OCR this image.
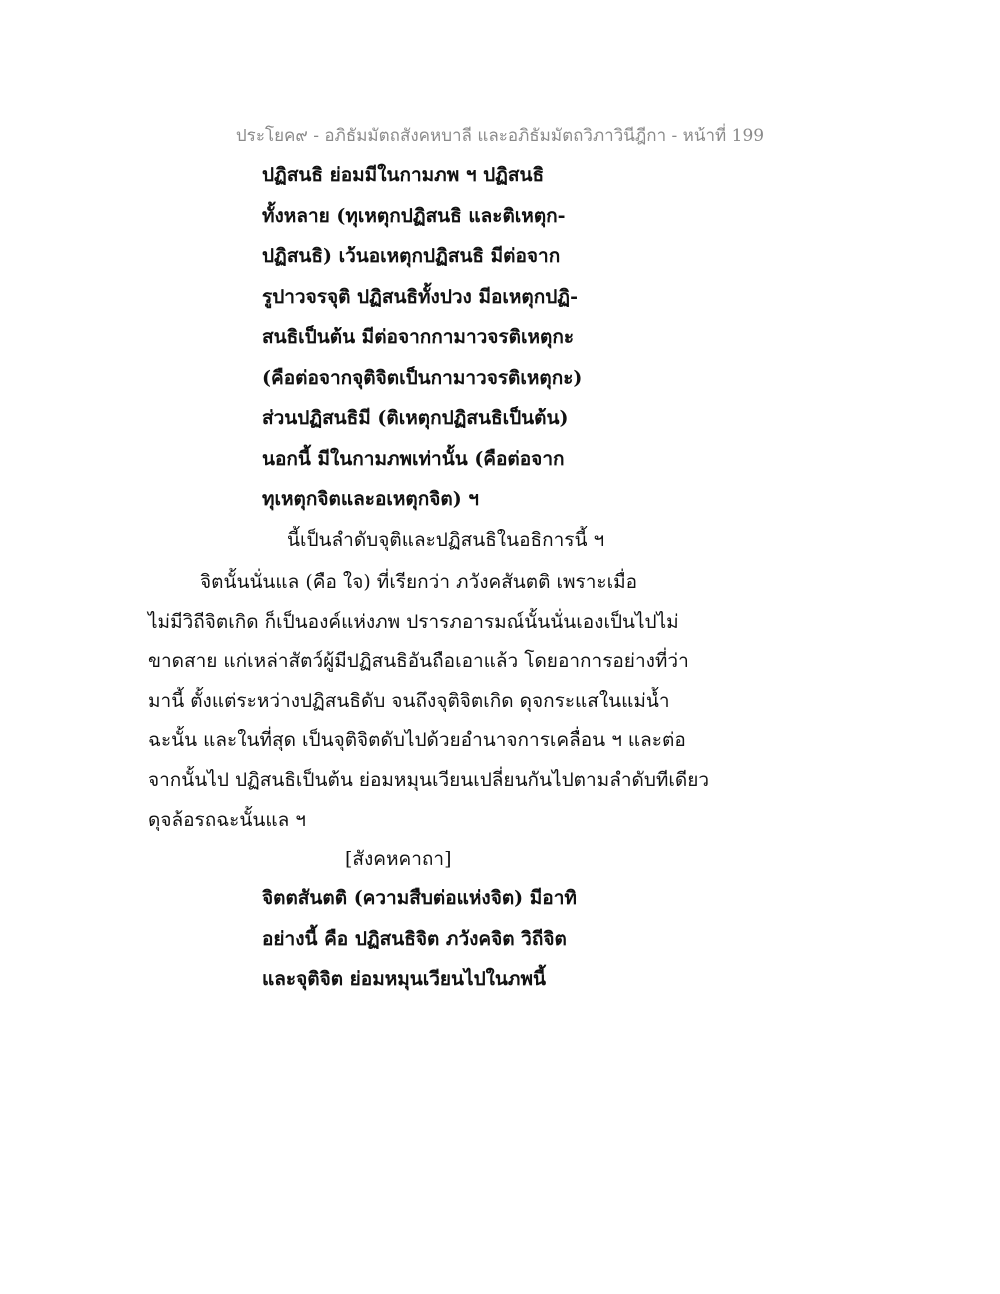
ประโยค๙ - อภิธัมมัตถสังคหบาลี และอภิธัมมัตถวิภาวินีฎีกา - หน้าที่ 199
ปฏิสนธิ ย่อมมีในกามภพ ฯ ปฏิสนธิ
ทั้งหลาย (ทุเหตุกปฏิสนธิ และติเหตุก-
ปฏิสนธิ) เว้นอเหตุกปฏิสนธิ มีต่อจาก
รูปาวจรจุติ ปฏิสนธิทั้งปวง มีอเหตุกปฏิ-
สนธิเป็นต้น มีต่อจากกามาวจรติเหตุกะ
(คือต่อจากจุติจิตเป็นกามาวจรติเหตุกะ)
ส่วนปฏิสนธิมี (ติเหตุกปฏิสนธิเป็นต้น)
นอกนี้ มีในกามภพเท่านั้น (คือต่อจาก
ทุเหตุกจิตและอเหตุกจิต) ฯ
นี้เป็นลำดับจุติและปฏิสนธิในอธิการนี้ ฯ
จิตนั้นนั่นแล (คือ ใจ) ที่เรียกว่า ภวังคสันตติ เพราะเมื่อ
ไม่มีวิถีจิตเกิด ก็เป็นองค์แห่งภพ ปรารภอารมณ์นั้นนั่นเองเป็นไปไม่
ขาดสาย แก่เหล่าสัตว์ผู้มีปฏิสนธิอันถือเอาแล้ว โดยอาการอย่างที่ว่า
มานี้ ตั้งแต่ระหว่างปฏิสนธิดับ จนถึงจุติจิตเกิด ดุจกระแสในแม่น้ำ
ฉะนั้น และในที่สุด เป็นจุติจิตดับไปด้วยอำนาจการเคลื่อน ฯ และต่อ
จากนั้นไป ปฏิสนธิเป็นต้น ย่อมหมุนเวียนเปลี่ยนกันไปตามลำดับทีเดียว
ดุจล้อรถฉะนั้นแล ฯ
[สังคหคาถา]
จิตตสันตติ (ความสืบต่อแห่งจิต) มีอาทิ
อย่างนี้ คือ ปฏิสนธิจิต ภวังคจิต วิถีจิต
และจุติจิต ย่อมหมุนเวียนไปในภพนี้
